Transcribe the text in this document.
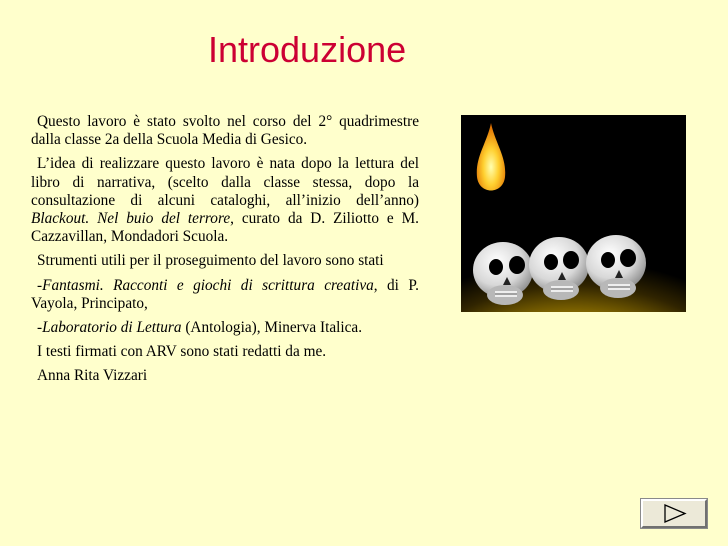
Introduzione

Questo lavoro è stato svolto nel corso del 2° quadrimestre dalla classe 2a della Scuola Media di Gesico.

L’idea di realizzare questo lavoro è nata dopo la lettura del libro di narrativa, (scelto dalla classe stessa, dopo la consultazione di alcuni cataloghi, all’inizio dell’anno) Blackout. Nel buio del terrore, curato da D. Ziliotto e M. Cazzavillan, Mondadori Scuola.

Strumenti utili per il proseguimento del lavoro sono stati

-Fantasmi. Racconti e giochi di scrittura creativa, di P. Vayola, Principato,

-Laboratorio di Lettura (Antologia), Minerva Italica.

I testi firmati con ARV sono stati redatti da me.

Anna Rita Vizzari
